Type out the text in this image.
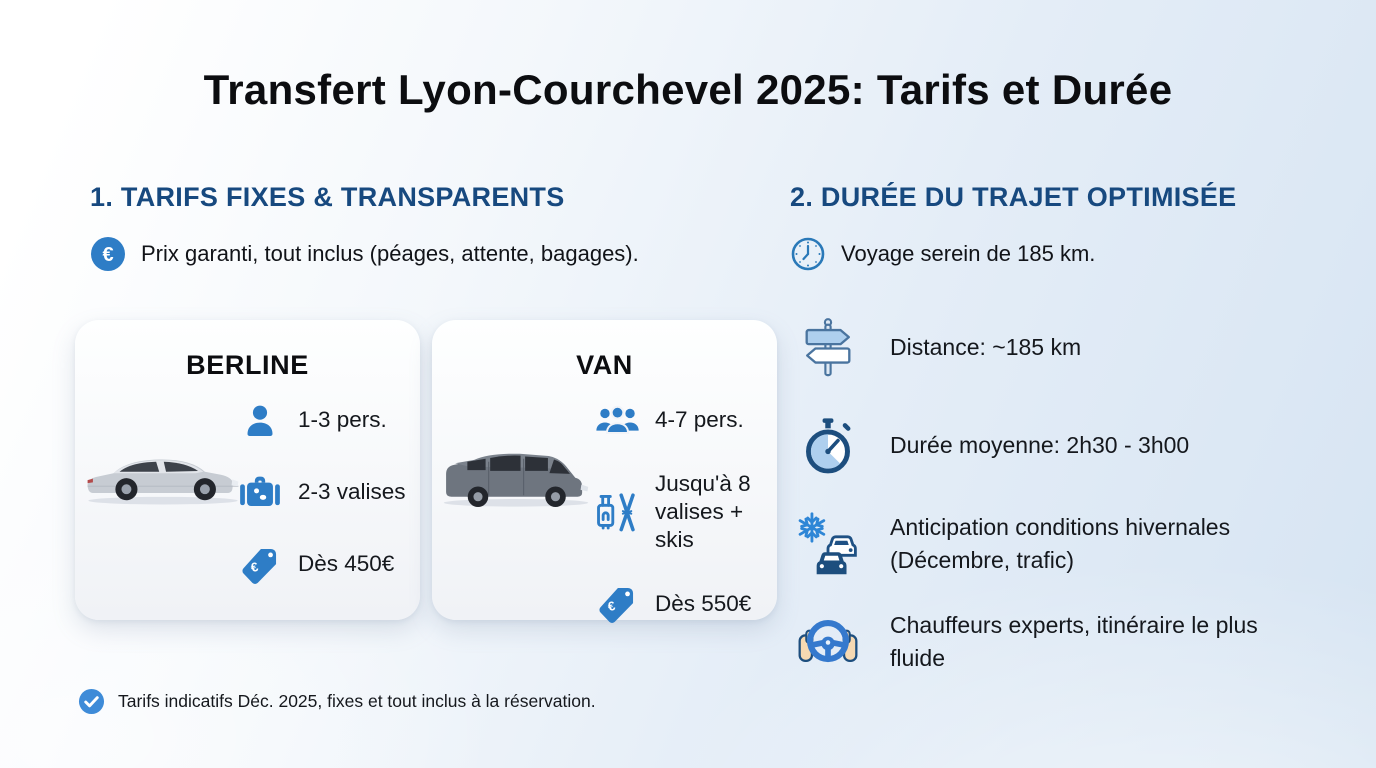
Transfert Lyon-Courchevel 2025: Tarifs et Durée
1. TARIFS FIXES & TRANSPARENTS
€ Prix garanti, tout inclus (péages, attente, bagages).
BERLINE
1-3 pers.
2-3 valises
€ Dès 450€
VAN
4-7 pers.
Jusqu'à 8 valises + skis
€ Dès 550€
2. DURÉE DU TRAJET OPTIMISÉE
Voyage serein de 185 km.
Distance: ~185 km
Durée moyenne: 2h30 - 3h00
Anticipation conditions hivernales (Décembre, trafic)
Chauffeurs experts, itinéraire le plus fluide
Tarifs indicatifs Déc. 2025, fixes et tout inclus à la réservation.
